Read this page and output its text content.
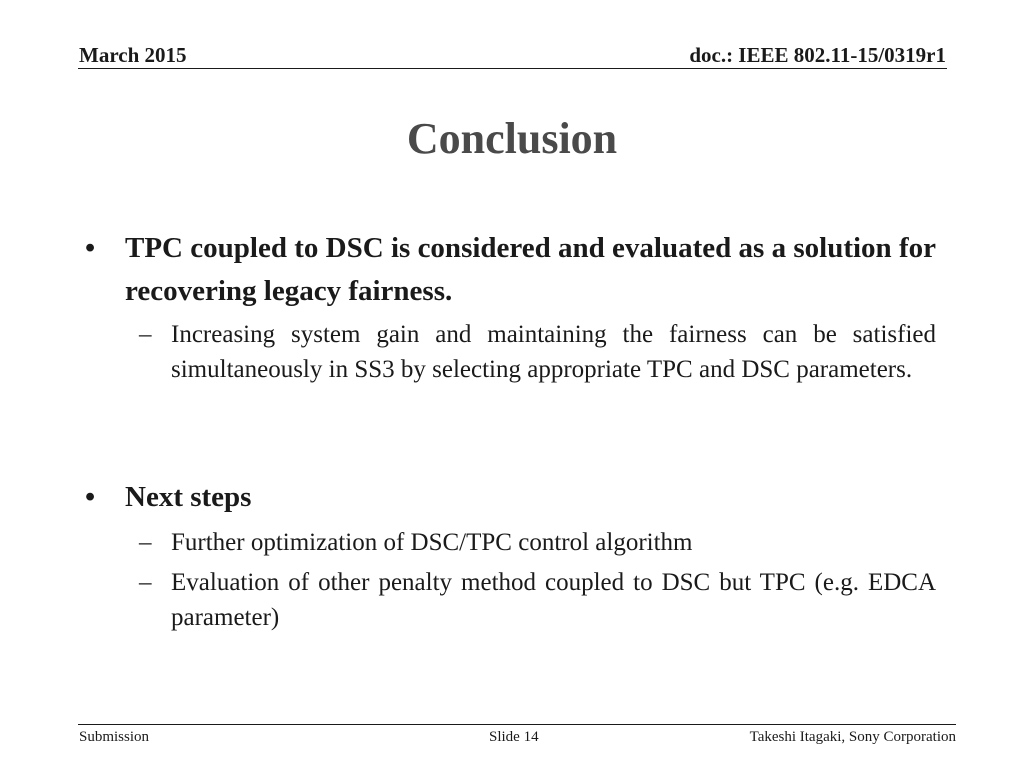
March 2015	doc.: IEEE 802.11-15/0319r1
Conclusion
• TPC coupled to DSC is considered and evaluated as a solution for recovering legacy fairness.
– Increasing system gain and maintaining the fairness can be satisfied simultaneously in SS3 by selecting appropriate TPC and DSC parameters.
• Next steps
– Further optimization of DSC/TPC control algorithm
– Evaluation of other penalty method coupled to DSC but TPC (e.g. EDCA parameter)
Submission	Slide 14	Takeshi Itagaki, Sony Corporation
